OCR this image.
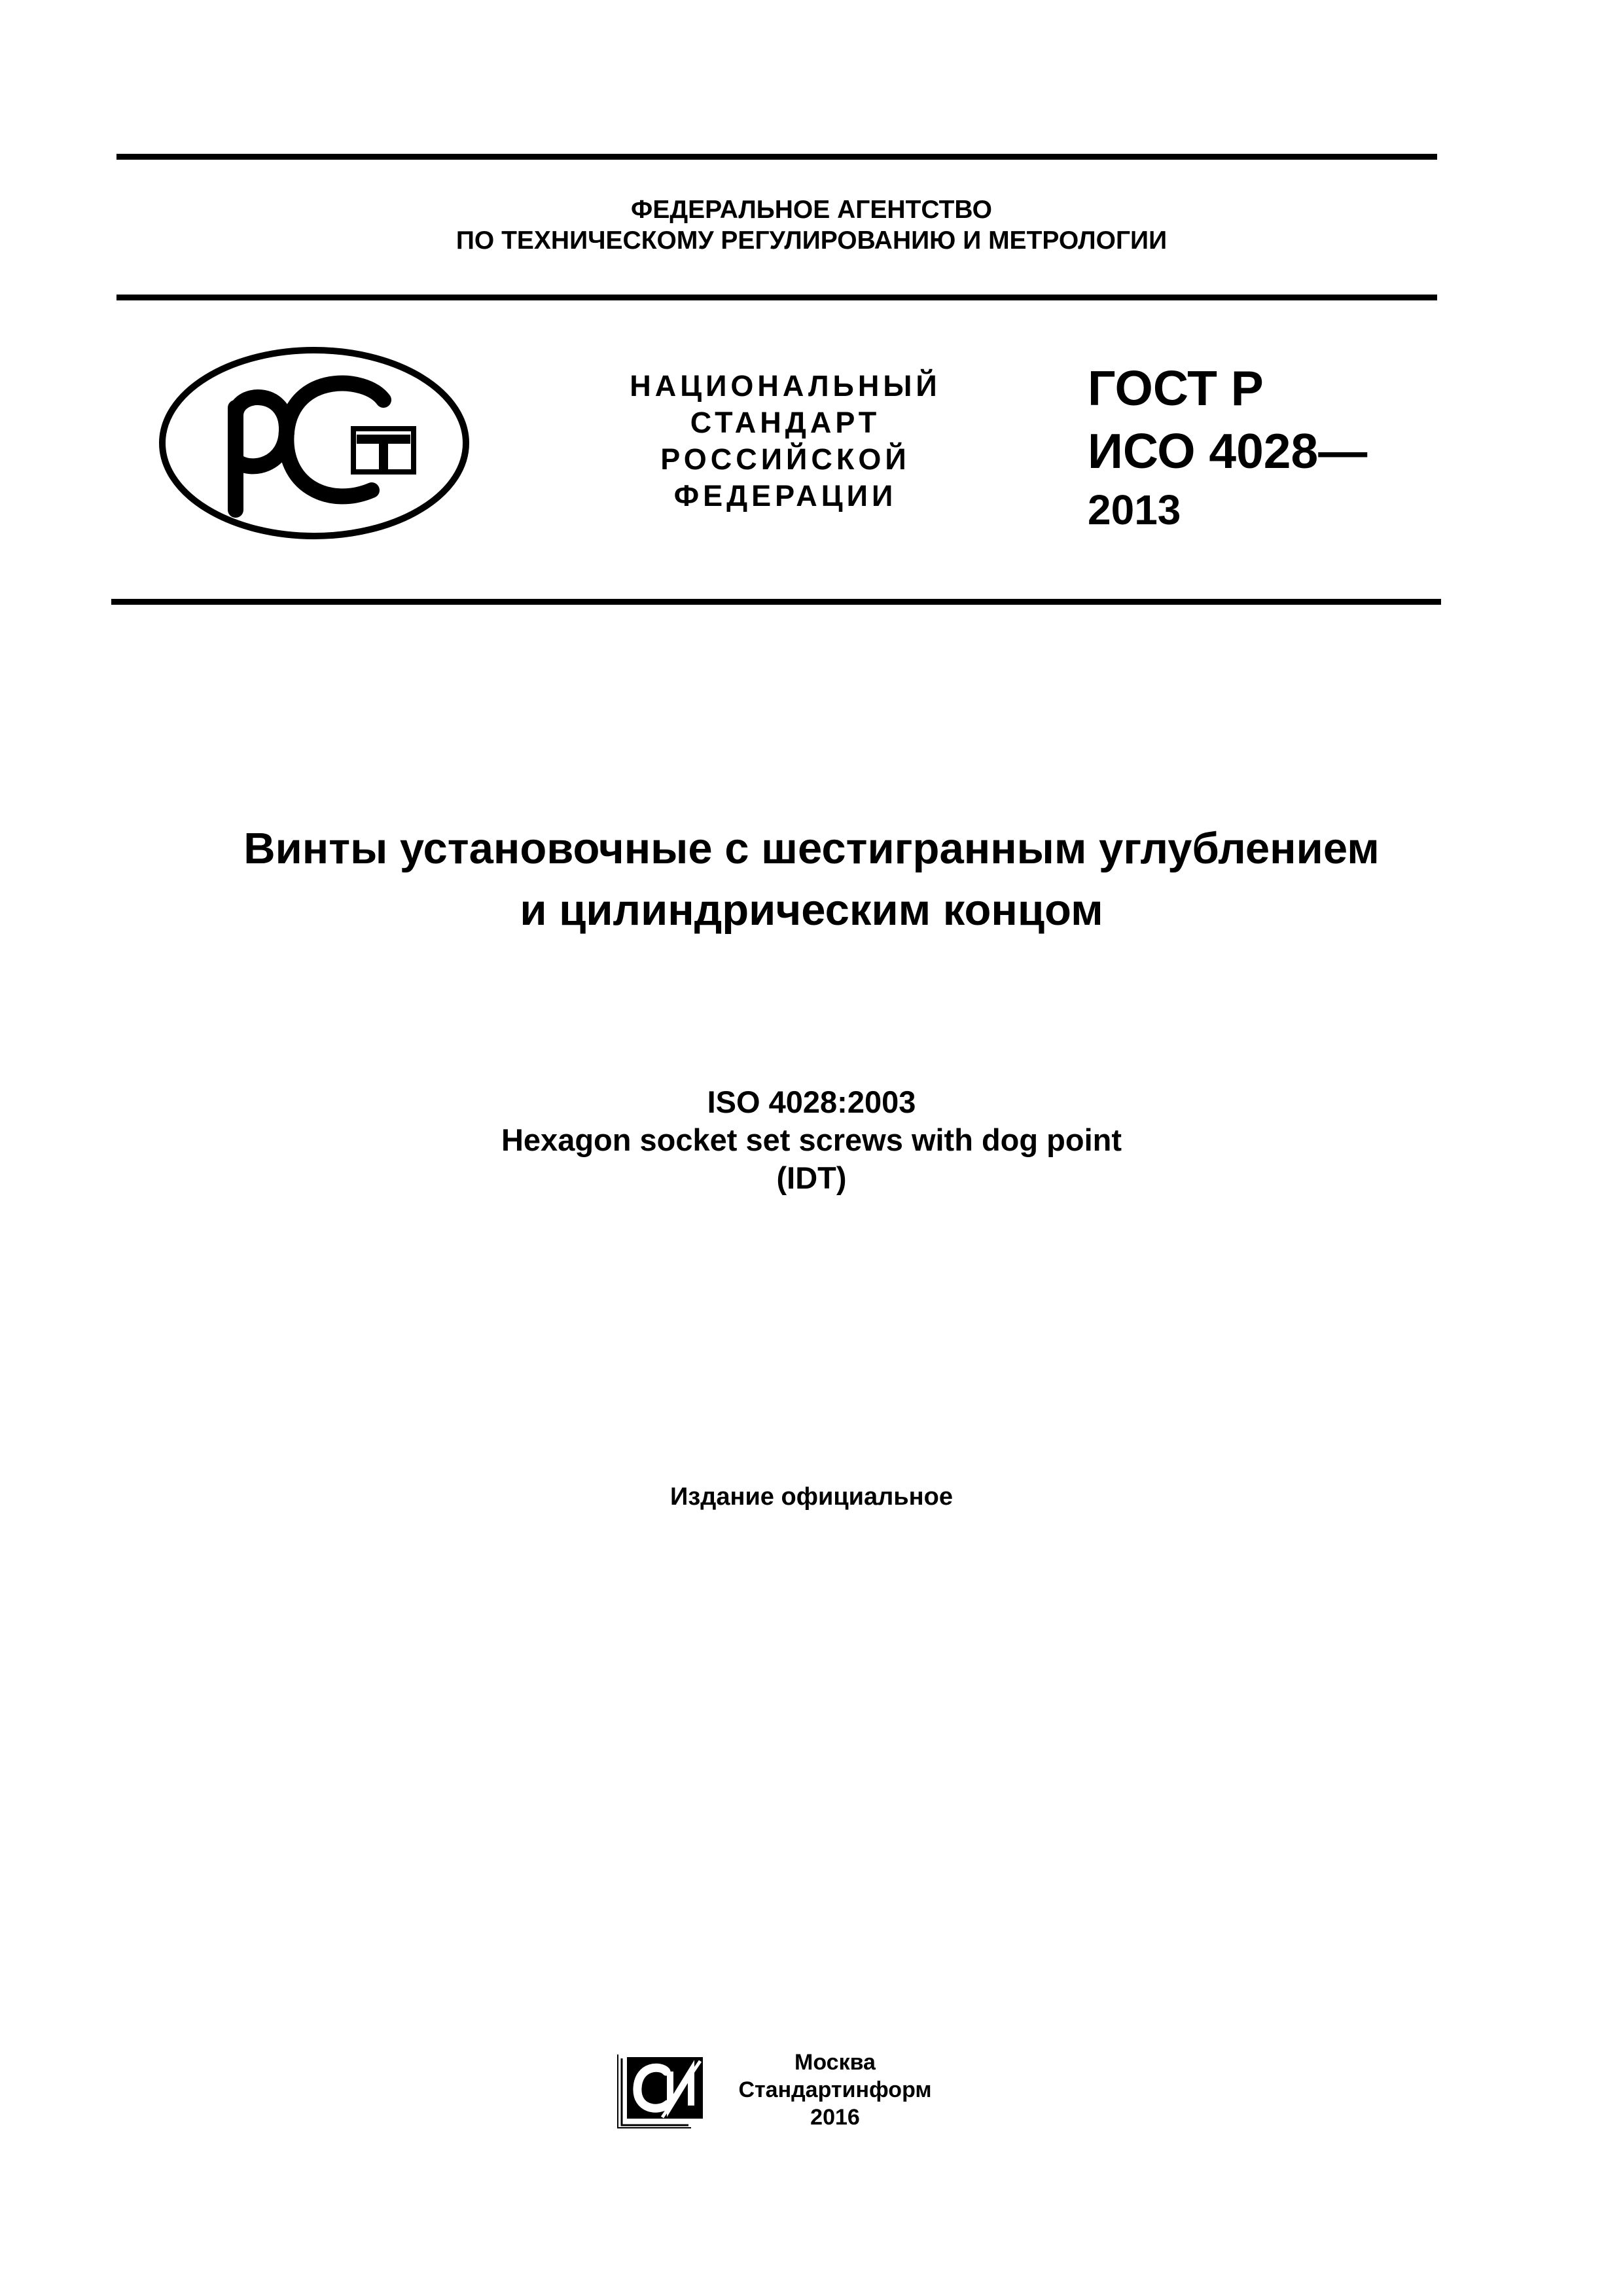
ФЕДЕРАЛЬНОЕ АГЕНТСТВО
ПО ТЕХНИЧЕСКОМУ РЕГУЛИРОВАНИЮ И МЕТРОЛОГИИ
НАЦИОНАЛЬНЫЙ
СТАНДАРТ
РОССИЙСКОЙ
ФЕДЕРАЦИИ
ГОСТ Р
ИСО 4028—
2013
Винты установочные с шестигранным углублением
и цилиндрическим концом
ISO 4028:2003
Hexagon socket set screws with dog point
(IDT)
Издание официальное
Москва
Стандартинформ
2016
